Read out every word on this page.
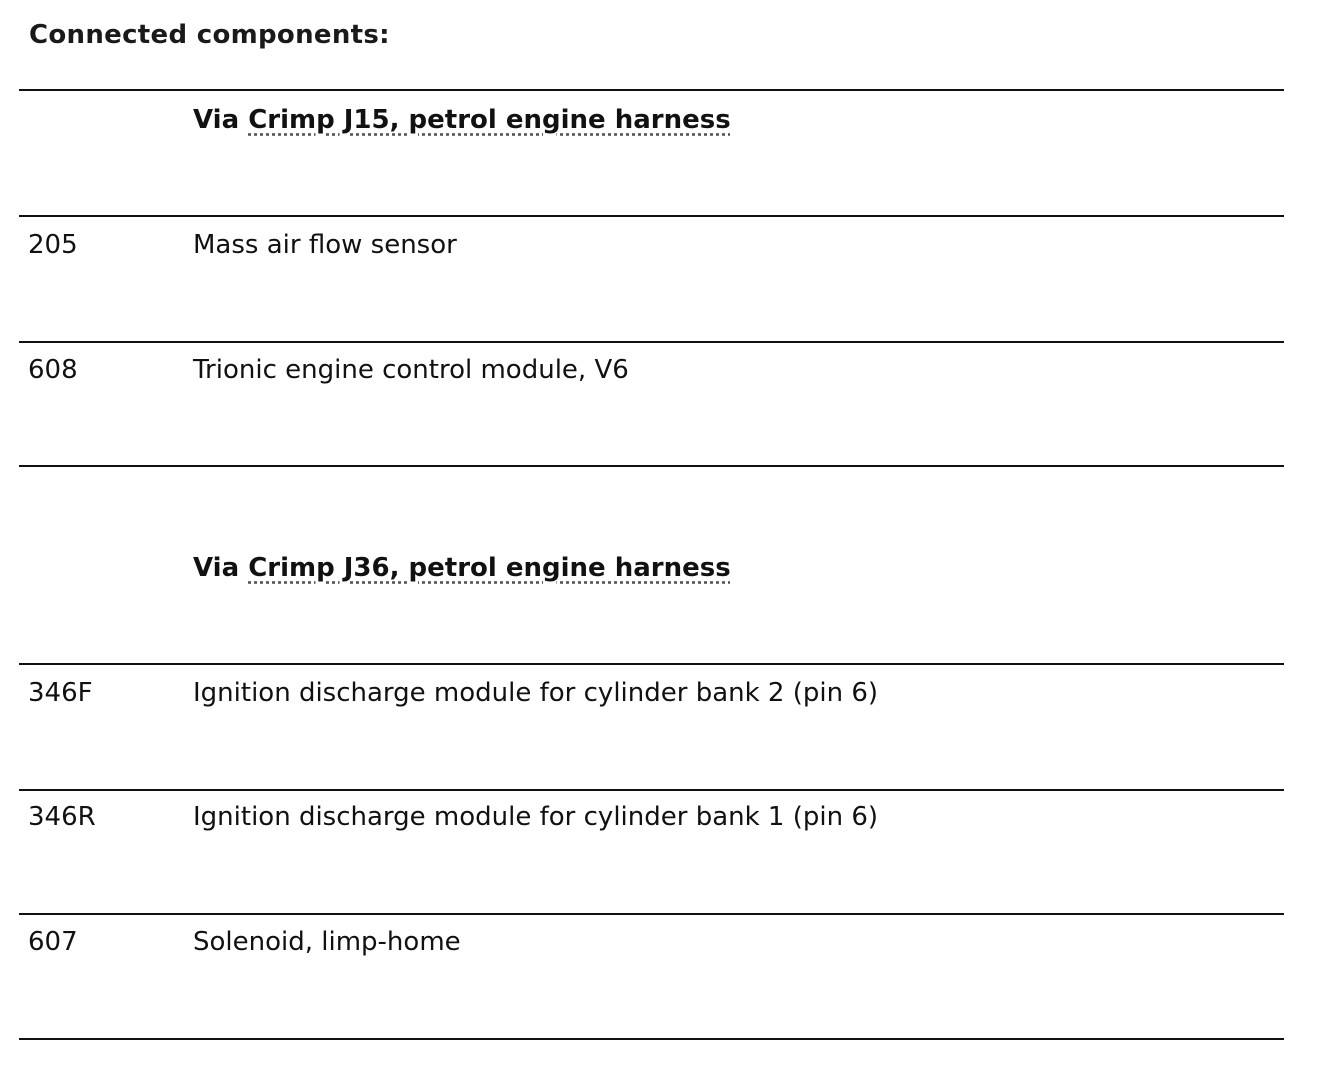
Connected components:
Via Crimp J15, petrol engine harness
205	Mass air flow sensor
608	Trionic engine control module, V6
Via Crimp J36, petrol engine harness
346F	Ignition discharge module for cylinder bank 2 (pin 6)
346R	Ignition discharge module for cylinder bank 1 (pin 6)
607	Solenoid, limp-home
